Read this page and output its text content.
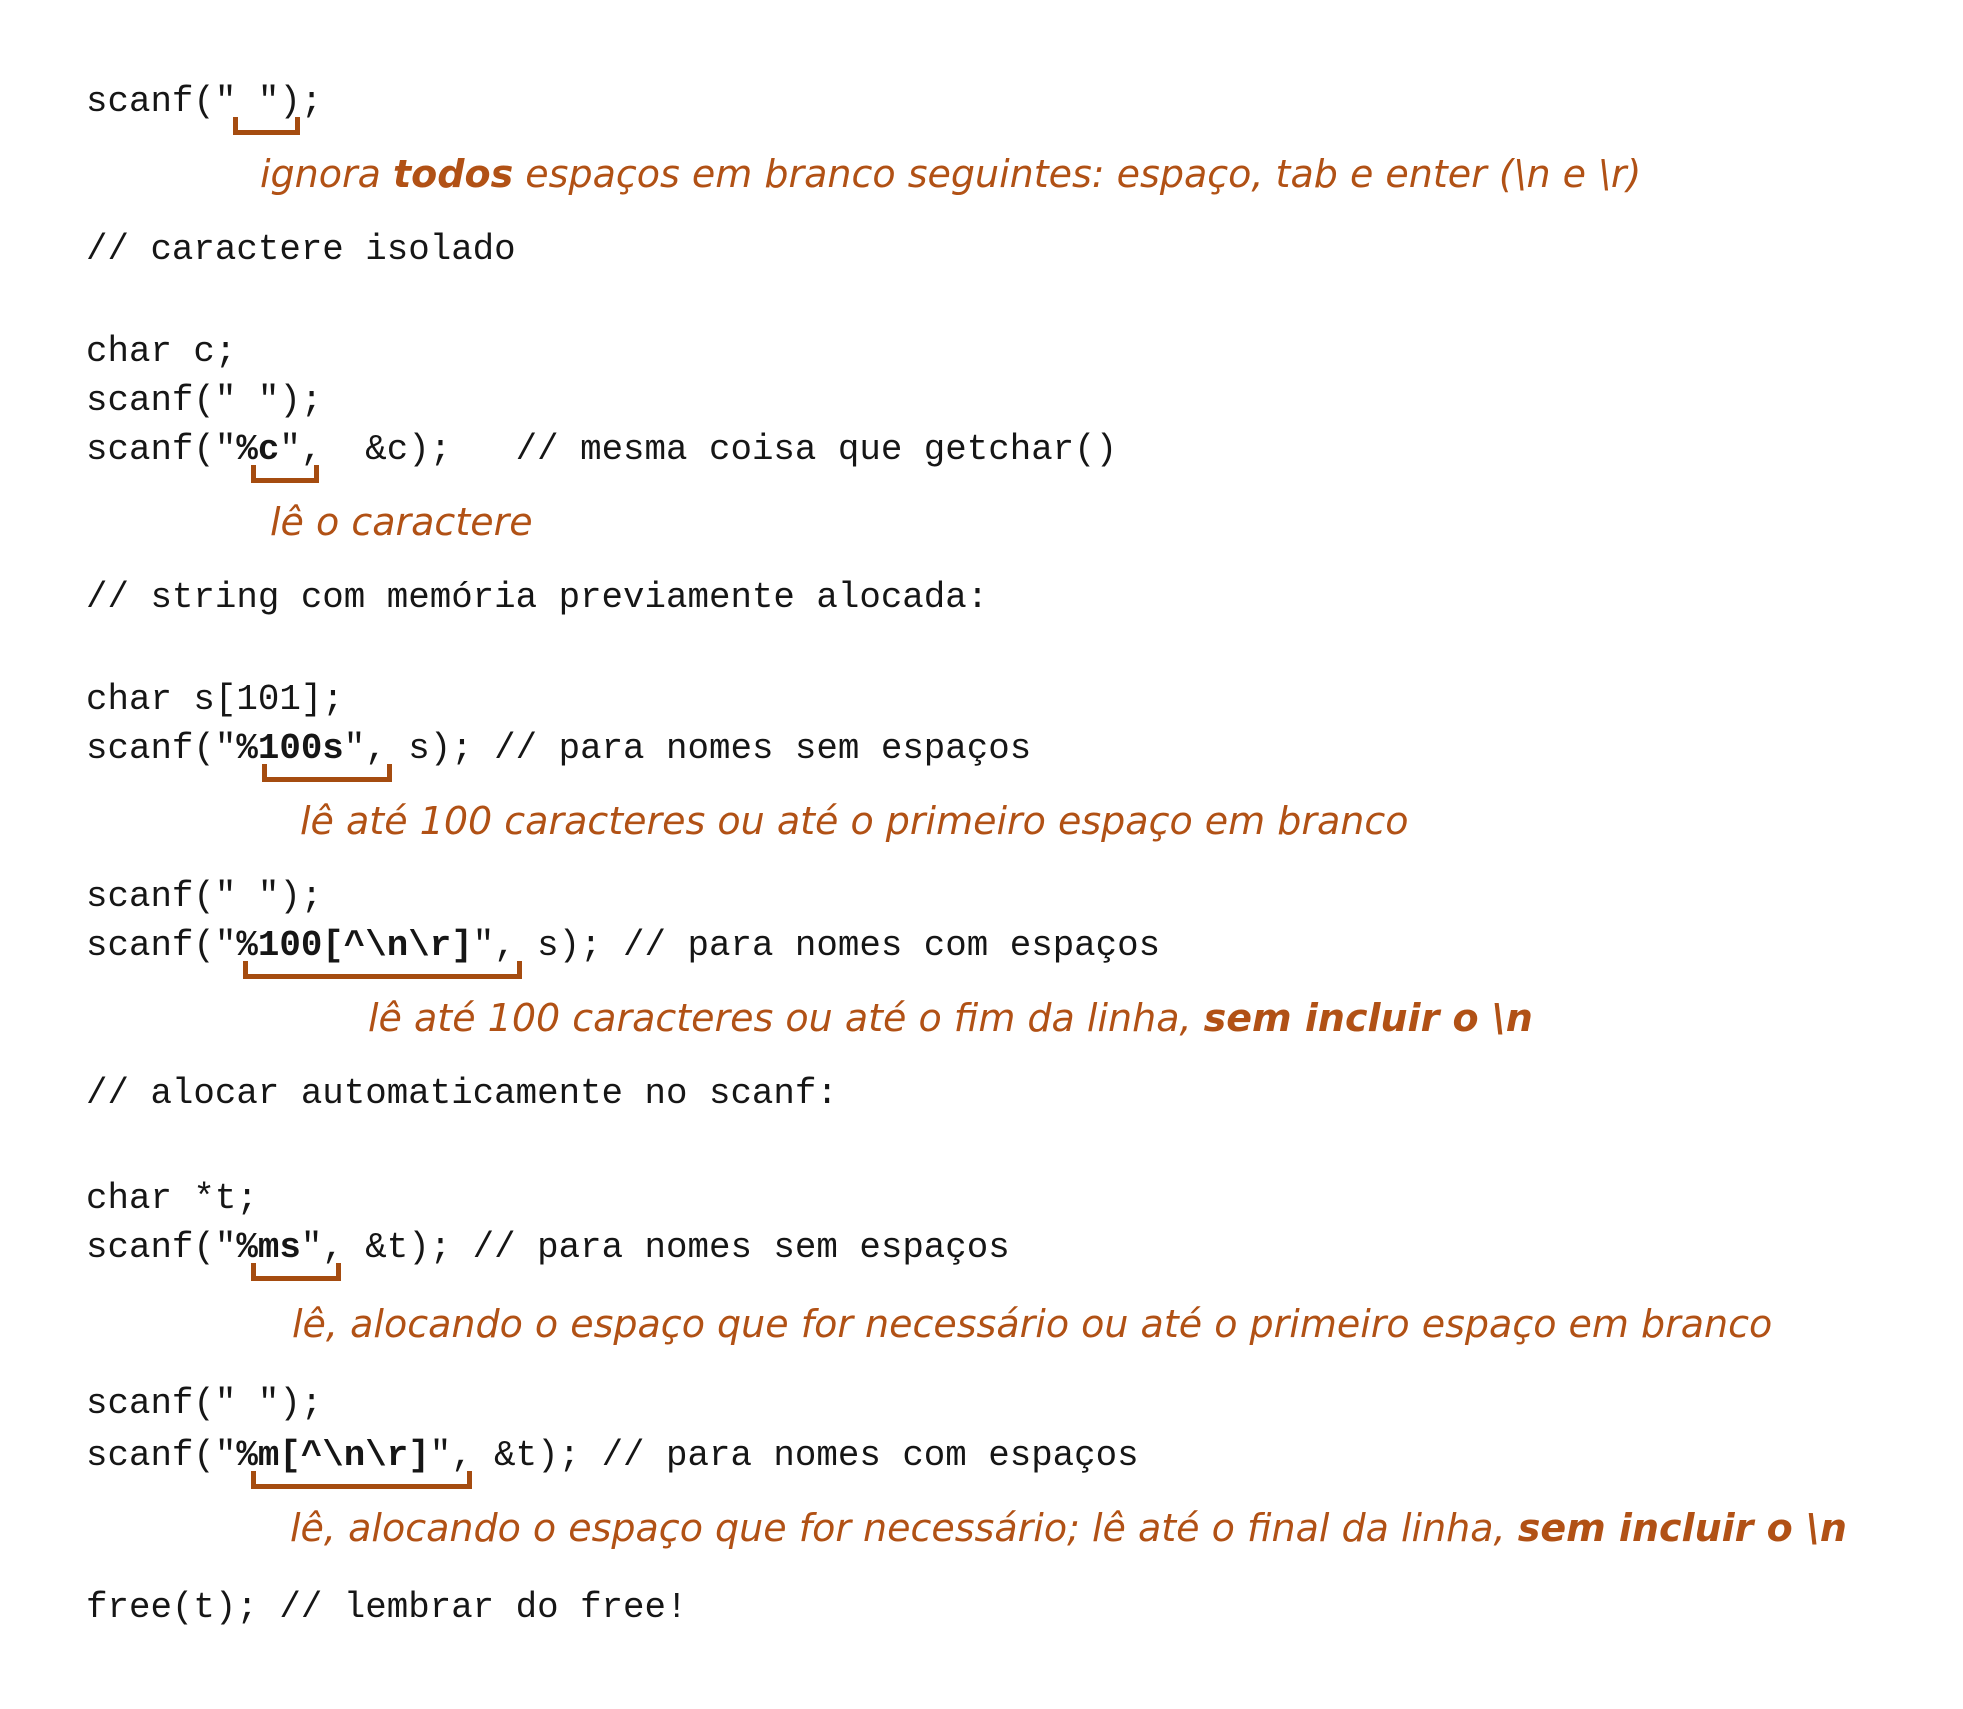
scanf(" ");
ignora todos espaços em branco seguintes: espaço, tab e enter (\n e \r)
// caractere isolado
char c;
scanf(" ");
scanf("%c",  &c);   // mesma coisa que getchar()
lê o caractere
// string com memória previamente alocada:
char s[101];
scanf("%100s", s); // para nomes sem espaços
lê até 100 caracteres ou até o primeiro espaço em branco
scanf(" ");
scanf("%100[^\n\r]", s); // para nomes com espaços
lê até 100 caracteres ou até o fim da linha, sem incluir o \n
// alocar automaticamente no scanf:
char *t;
scanf("%ms", &t); // para nomes sem espaços
lê, alocando o espaço que for necessário ou até o primeiro espaço em branco
scanf(" ");
scanf("%m[^\n\r]", &t); // para nomes com espaços
lê, alocando o espaço que for necessário; lê até o final da linha, sem incluir o \n
free(t); // lembrar do free!
